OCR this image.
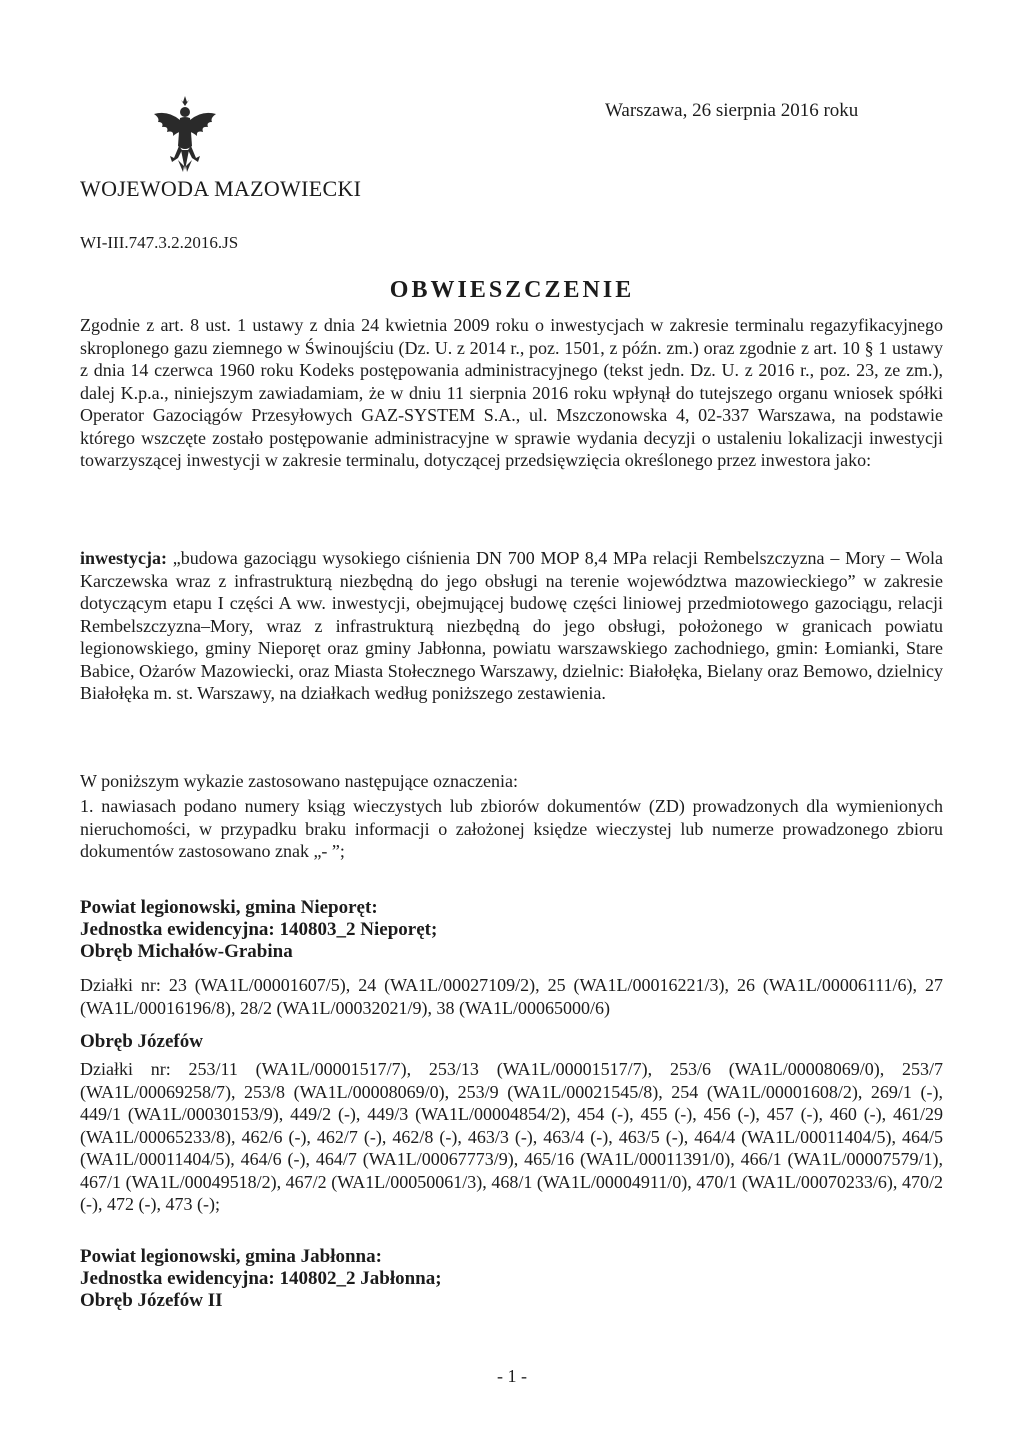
Warszawa, 26 sierpnia 2016 roku
WOJEWODA MAZOWIECKI
WI-III.747.3.2.2016.JS
OBWIESZCZENIE

Zgodnie z art. 8 ust. 1 ustawy z dnia 24 kwietnia 2009 roku o inwestycjach w zakresie terminalu regazyfikacyjnego skroplonego gazu ziemnego w Świnoujściu (Dz. U. z 2014 r., poz. 1501, z późn. zm.) oraz zgodnie z art. 10 § 1 ustawy z dnia 14 czerwca 1960 roku Kodeks postępowania administracyjnego (tekst jedn. Dz. U. z 2016 r., poz. 23, ze zm.), dalej K.p.a., niniejszym zawiadamiam, że w dniu 11 sierpnia 2016 roku wpłynął do tutejszego organu wniosek spółki Operator Gazociągów Przesyłowych GAZ-SYSTEM S.A., ul. Mszczonowska 4, 02-337 Warszawa, na podstawie którego wszczęte zostało postępowanie administracyjne w sprawie wydania decyzji o ustaleniu lokalizacji inwestycji towarzyszącej inwestycji w zakresie terminalu, dotyczącej przedsięwzięcia określonego przez inwestora jako:

inwestycja: „budowa gazociągu wysokiego ciśnienia DN 700 MOP 8,4 MPa relacji Rembelszczyzna – Mory – Wola Karczewska wraz z infrastrukturą niezbędną do jego obsługi na terenie województwa mazowieckiego” w zakresie dotyczącym etapu I części A ww. inwestycji, obejmującej budowę części liniowej przedmiotowego gazociągu, relacji Rembelszczyzna–Mory, wraz z infrastrukturą niezbędną do jego obsługi, położonego w granicach powiatu legionowskiego, gminy Nieporęt oraz gminy Jabłonna, powiatu warszawskiego zachodniego, gmin: Łomianki, Stare Babice, Ożarów Mazowiecki, oraz Miasta Stołecznego Warszawy, dzielnic: Białołęka, Bielany oraz Bemowo, dzielnicy Białołęka m. st. Warszawy, na działkach według poniższego zestawienia.

W poniższym wykazie zastosowano następujące oznaczenia:

1. nawiasach podano numery ksiąg wieczystych lub zbiorów dokumentów (ZD) prowadzonych dla wymienionych nieruchomości, w przypadku braku informacji o założonej księdze wieczystej lub numerze prowadzonego zbioru dokumentów zastosowano znak „- ”;

Powiat legionowski, gmina Nieporęt:
Jednostka ewidencyjna: 140803_2 Nieporęt;
Obręb Michałów-Grabina

Działki nr: 23 (WA1L/00001607/5), 24 (WA1L/00027109/2), 25 (WA1L/00016221/3), 26 (WA1L/00006111/6), 27 (WA1L/00016196/8), 28/2 (WA1L/00032021/9), 38 (WA1L/00065000/6)

Obręb Józefów

Działki nr: 253/11 (WA1L/00001517/7), 253/13 (WA1L/00001517/7), 253/6 (WA1L/00008069/0), 253/7 (WA1L/00069258/7), 253/8 (WA1L/00008069/0), 253/9 (WA1L/00021545/8), 254 (WA1L/00001608/2), 269/1 (-), 449/1 (WA1L/00030153/9), 449/2 (-), 449/3 (WA1L/00004854/2), 454 (-), 455 (-), 456 (-), 457 (-), 460 (-), 461/29 (WA1L/00065233/8), 462/6 (-), 462/7 (-), 462/8 (-), 463/3 (-), 463/4 (-), 463/5 (-), 464/4 (WA1L/00011404/5), 464/5 (WA1L/00011404/5), 464/6 (-), 464/7 (WA1L/00067773/9), 465/16 (WA1L/00011391/0), 466/1 (WA1L/00007579/1), 467/1 (WA1L/00049518/2), 467/2 (WA1L/00050061/3), 468/1 (WA1L/00004911/0), 470/1 (WA1L/00070233/6), 470/2 (-), 472 (-), 473 (-);

Powiat legionowski, gmina Jabłonna:
Jednostka ewidencyjna: 140802_2 Jabłonna;
Obręb Józefów II
- 1 -
